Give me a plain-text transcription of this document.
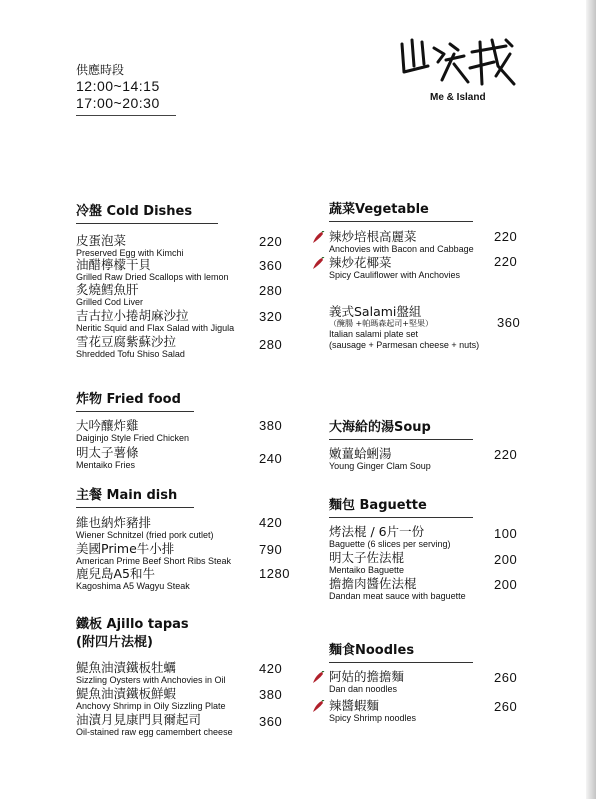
供應時段
12:00~14:15
17:00~20:30	Me & Island
冷盤 Cold Dishes
皮蛋泡菜
Preserved Egg with Kimchi
220
油醋檸檬干貝
Grilled Raw Dried Scallops with lemon
360
炙燒鱈魚肝
Grilled Cod Liver
280
吉古拉小捲胡麻沙拉
Neritic Squid and Flax Salad with Jigula
320
雪花豆腐紫蘇沙拉
Shredded Tofu Shiso Salad
280
炸物 Fried food
大吟釀炸雞
Daiginjo Style Fried Chicken
380
明太子薯條
Mentaiko Fries	240
主餐 Main dish
維也納炸豬排
Wiener Schnitzel (fried pork cutlet)
420
美國Prime牛小排
American Prime Beef Short Ribs Steak
790
鹿兒島A5和牛
Kagoshima A5 Wagyu Steak
1280
鐵板 Ajillo tapas
(附四片法棍)
鯷魚油漬鐵板牡蠣
Sizzling Oysters with Anchovies in Oil
420
鯷魚油漬鐵板鮮蝦
Anchovy Shrimp in Oily Sizzling Plate
380
油漬月見康門貝爾起司
Oil-stained raw egg camembert cheese
360
蔬菜Vegetable
辣炒培根高麗菜
Anchovies with Bacon and Cabbage
220
辣炒花椰菜
Spicy Cauliflower with Anchovies
220
義式Salami盤組
（醃腸 +帕瑪森起司+堅果）
Italian salami plate set
(sausage + Parmesan cheese + nuts)
360
大海給的湯Soup
嫩薑蛤蜊湯
Young Ginger Clam Soup
220
麵包 Baguette
烤法棍 / 6片一份
Baguette (6 slices per serving)
100
明太子佐法棍
Mentaiko Baguette
200
擔擔肉醬佐法棍
Dandan meat sauce with baguette
200
麵食Noodles
阿姑的擔擔麵
Dan dan noodles
260
辣醬蝦麵
Spicy Shrimp noodles
260
